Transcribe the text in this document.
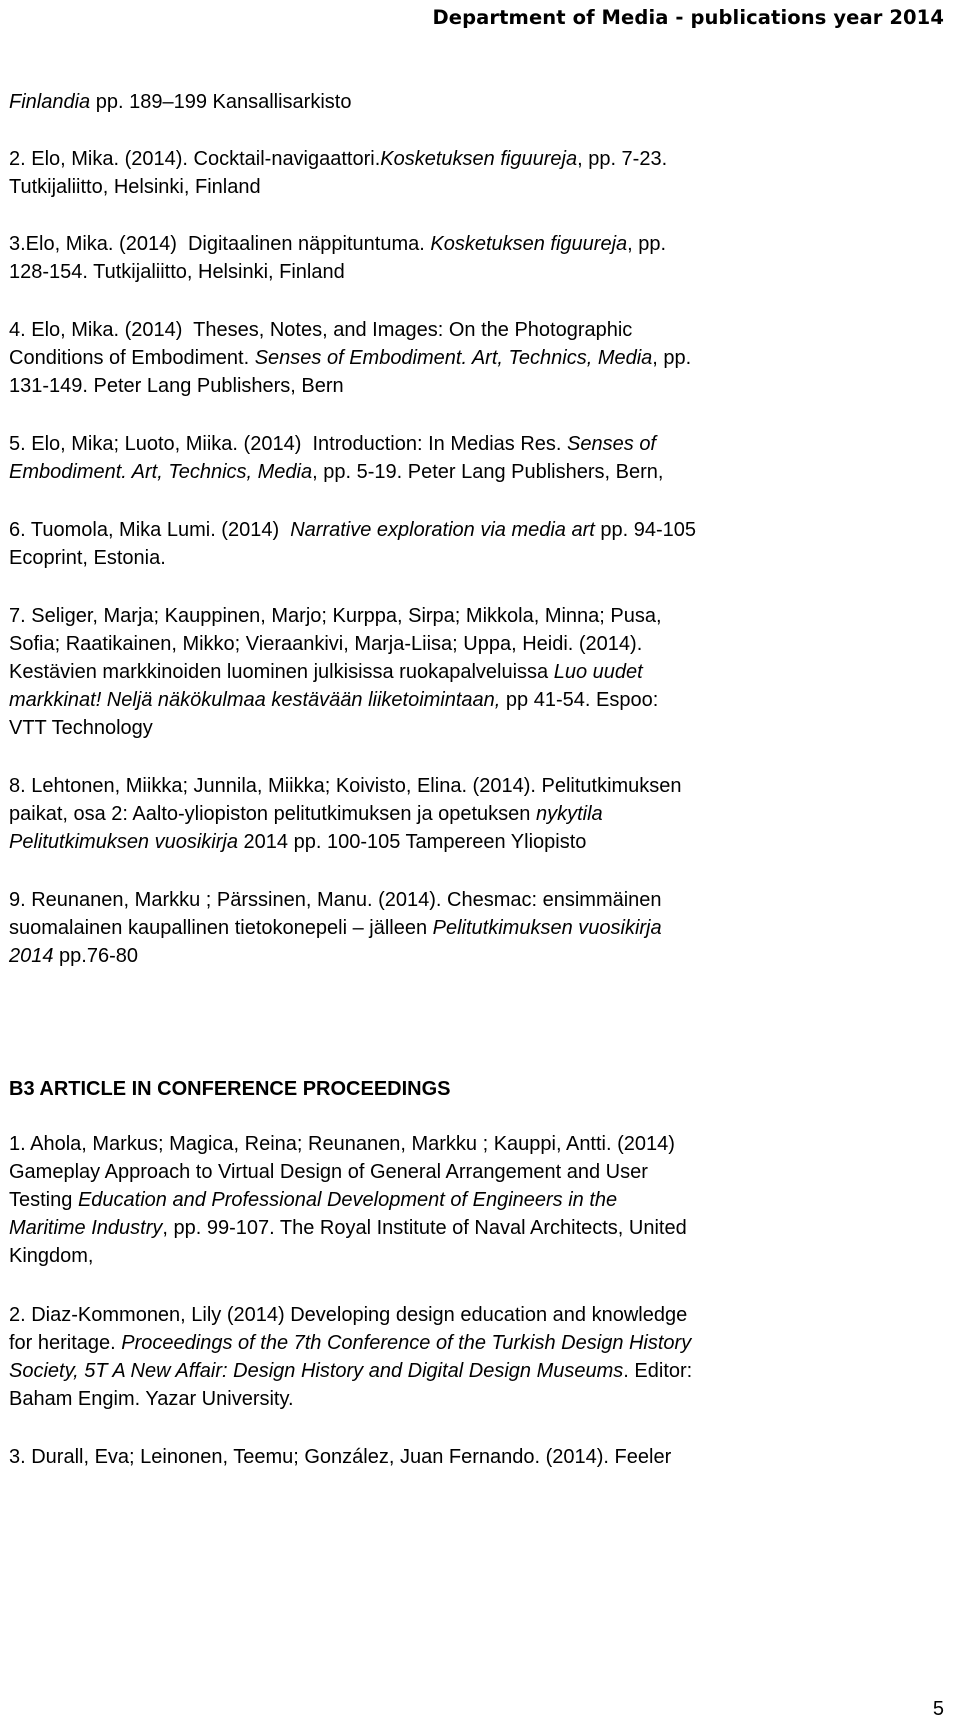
Department of Media - publications year 2014
Finlandia pp. 189–199 Kansallisarkisto
2. Elo, Mika. (2014). Cocktail-navigaattori.Kosketuksen figuureja, pp. 7-23.
Tutkijaliitto, Helsinki, Finland
3.Elo, Mika. (2014)  Digitaalinen näppituntuma. Kosketuksen figuureja, pp.
128-154. Tutkijaliitto, Helsinki, Finland
4. Elo, Mika. (2014)  Theses, Notes, and Images: On the Photographic
Conditions of Embodiment. Senses of Embodiment. Art, Technics, Media, pp.
131-149. Peter Lang Publishers, Bern
5. Elo, Mika; Luoto, Miika. (2014)  Introduction: In Medias Res. Senses of
Embodiment. Art, Technics, Media, pp. 5-19. Peter Lang Publishers, Bern,
6. Tuomola, Mika Lumi. (2014)  Narrative exploration via media art pp. 94-105
Ecoprint, Estonia.
7. Seliger, Marja; Kauppinen, Marjo; Kurppa, Sirpa; Mikkola, Minna; Pusa,
Sofia; Raatikainen, Mikko; Vieraankivi, Marja-Liisa; Uppa, Heidi. (2014).
Kestävien markkinoiden luominen julkisissa ruokapalveluissa Luo uudet
markkinat! Neljä näkökulmaa kestävään liiketoimintaan, pp 41-54. Espoo:
VTT Technology
8. Lehtonen, Miikka; Junnila, Miikka; Koivisto, Elina. (2014). Pelitutkimuksen
paikat, osa 2: Aalto-yliopiston pelitutkimuksen ja opetuksen nykytila
Pelitutkimuksen vuosikirja 2014 pp. 100-105 Tampereen Yliopisto
9. Reunanen, Markku ; Pärssinen, Manu. (2014). Chesmac: ensimmäinen
suomalainen kaupallinen tietokonepeli – jälleen Pelitutkimuksen vuosikirja
2014 pp.76-80
B3 ARTICLE IN CONFERENCE PROCEEDINGS
1. Ahola, Markus; Magica, Reina; Reunanen, Markku ; Kauppi, Antti. (2014)
Gameplay Approach to Virtual Design of General Arrangement and User
Testing Education and Professional Development of Engineers in the
Maritime Industry, pp. 99-107. The Royal Institute of Naval Architects, United
Kingdom,
2. Diaz-Kommonen, Lily (2014) Developing design education and knowledge
for heritage. Proceedings of the 7th Conference of the Turkish Design History
Society, 5T A New Affair: Design History and Digital Design Museums. Editor:
Baham Engim. Yazar University.
3. Durall, Eva; Leinonen, Teemu; González, Juan Fernando. (2014). Feeler
5
